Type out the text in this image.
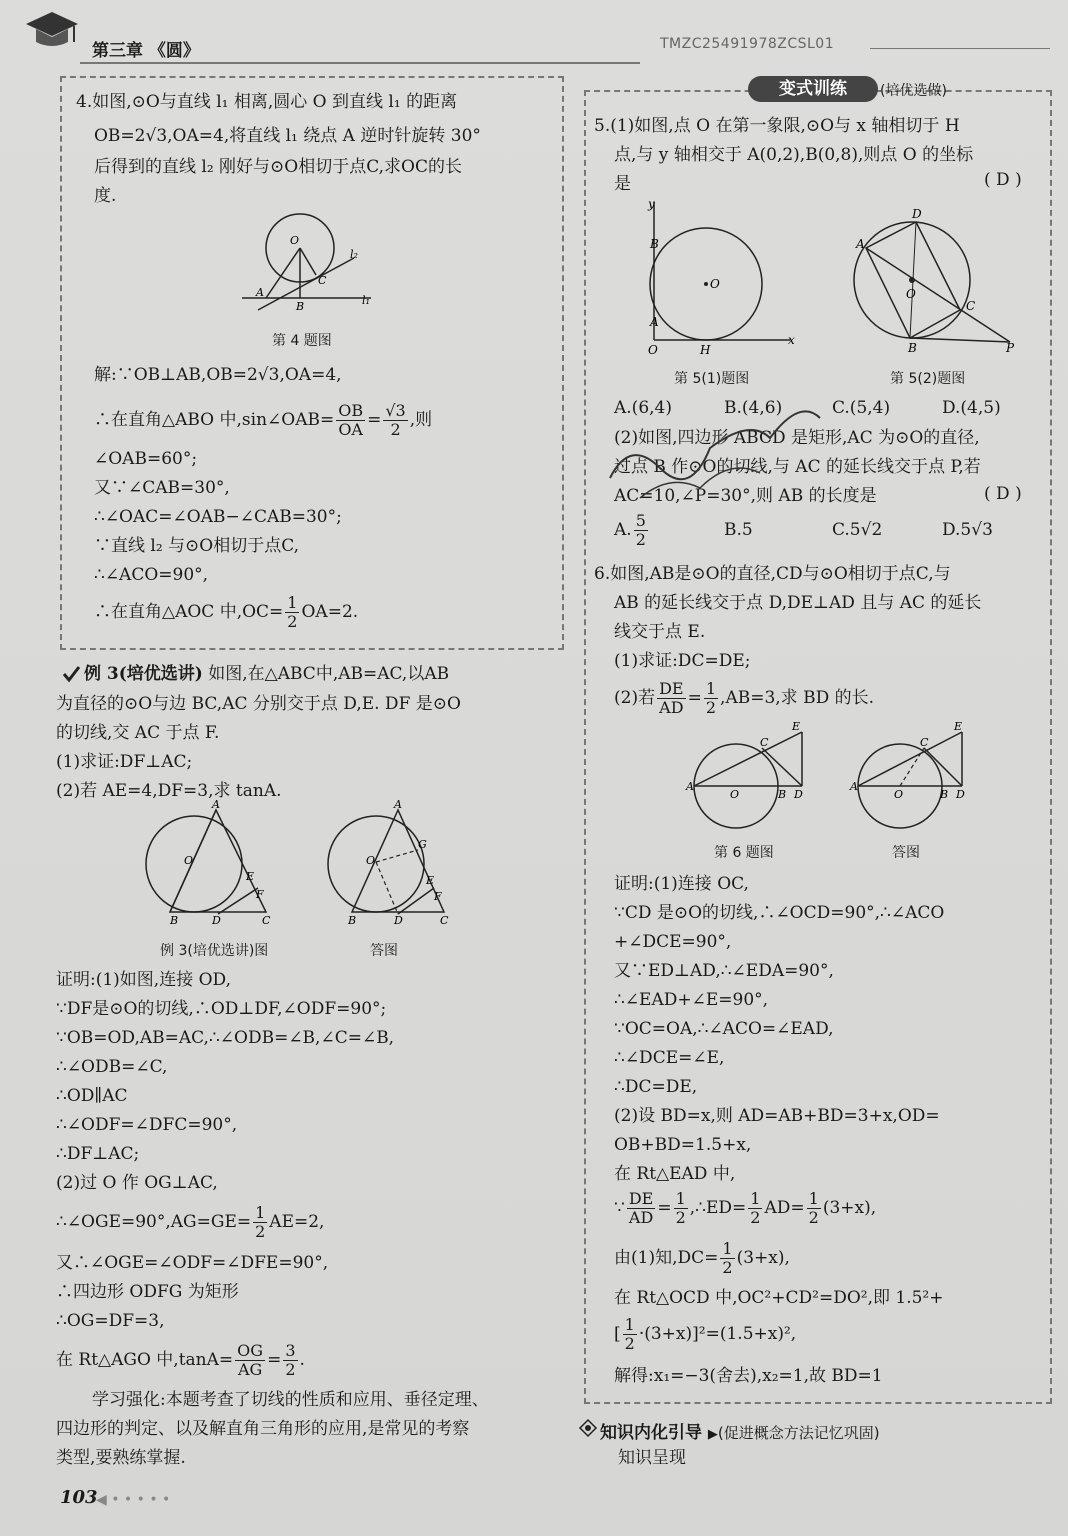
第三章 《圆》	TMZC25491978ZCSL01
4.如图,⊙O与直线 l₁ 相离,圆心 O 到直线 l₁ 的距离
OB=2√3,OA=4,将直线 l₁ 绕点 A 逆时针旋转 30°
后得到的直线 l₂ 刚好与⊙O相切于点C,求OC的长
度.
O
A
B
C
l₁
l₂
第 4 题图
解:∵OB⊥AB,OB=2√3,OA=4,
∴在直角△ABO 中,sin∠OAB= $\frac{OB}{OA} = \frac{√3}{2}$ ,则
∠OAB=60°;
又∵∠CAB=30°,
∴∠OAC=∠OAB−∠CAB=30°;
∵直线 l₂ 与⊙O相切于点C,
∴∠ACO=90°,
∴在直角△AOC 中$,OC= \frac{1}{2} OA=2$.
例 3(培优选讲) 如图,在△ABC中,AB=AC,以AB
为直径的⊙O与边 BC,AC 分别交于点 D,E. DF 是⊙O
的切线,交 AC 于点 F.
(1)求证:DF⊥AC;
(2)若 AE=4,DF=3,求 tanA.
A
O
E
F
B	D	C
A
O
G
E
F
B	D	C
例 3(培优选讲)图	答图
证明:(1)如图,连接 OD,
∵DF是⊙O的切线,∴OD⊥DF,∠ODF=90°;
∵OB=OD,AB=AC,∴∠ODB=∠B,∠C=∠B,
∴∠ODB=∠C,
∴OD∥AC
∴∠ODF=∠DFC=90°,
∴DF⊥AC;
(2)过 O 作 OG⊥AC,
∴∠OGE=90°,AG=GE= $\frac{1}{2} AE=2$,
又∴∠OGE=∠ODF=∠DFE=90°,
∴四边形 ODFG 为矩形
∴OG=DF=3,
在 Rt△AGO 中$,\tan A= \frac{OG}{AG} = \frac{3}{2}$ .
学习强化:本题考查了切线的性质和应用、垂径定理、
四边形的判定、以及解直角三角形的应用,是常见的考察
类型,要熟练掌握.
变式训练	(培优选做)
5.(1)如图,点 O 在第一象限,⊙O与 x 轴相切于 H
点,与 y 轴相交于 A(0,2),B(0,8),则点 O 的坐标
是	( D )
y
x
B
A
O	H
O
A
D
O
C
B	P
第 5(1)题图	第 5(2)题图
A.(6,4)	B.(4,6)	C.(5,4)	D.(4,5)
(2)如图,四边形 ABCD 是矩形,AC 为⊙O的直径,
过点 B 作⊙O的切线,与 AC 的延长线交于点 P,若
AC=10,∠P=30°,则 AB 的长度是	( D )
A. $\frac{5}{2}$	B.5	C.5√2	D.5√3
6.如图,AB是⊙O的直径,CD与⊙O相切于点C,与
AB 的延长线交于点 D,DE⊥AD 且与 AC 的延长
线交于点 E.
(1)求证:DC=DE;
(2)若 $\frac{DE}{AD} = \frac{1}{2} ,AB=3$,求 BD 的长.
A
O	B D
C
E
A
O	B D
C
E
第 6 题图	答图
证明:(1)连接 OC,
∵CD 是⊙O的切线,∴∠OCD=90°,∴∠ACO
+∠DCE=90°,
又∵ED⊥AD,∴∠EDA=90°,
∴∠EAD+∠E=90°,
∵OC=OA,∴∠ACO=∠EAD,
∴∠DCE=∠E,
∴DC=DE,
(2)设 BD=x,则 AD=AB+BD=3+x,OD=
OB+BD=1.5+x,
在 Rt△EAD 中,
∵ $\frac{DE}{AD} = \frac{1}{2}$ ,∴ED= $\frac{1}{2} AD= \frac{1}{2} (3+x)$,
由(1)知$,DC= \frac{1}{2} (3+x)$,
在 Rt△OCD 中,OC²+CD²=DO²,即 1.5²+
[ $\frac{1}{2} \cdot(3+x)]^2=(1.5+x)^2$,
解得:x₁=−3(舍去),x₂=1,故 BD=1
知识内化引导 ▶(促进概念方法记忆巩固)
知识呈现
103
◀ • • • • •
